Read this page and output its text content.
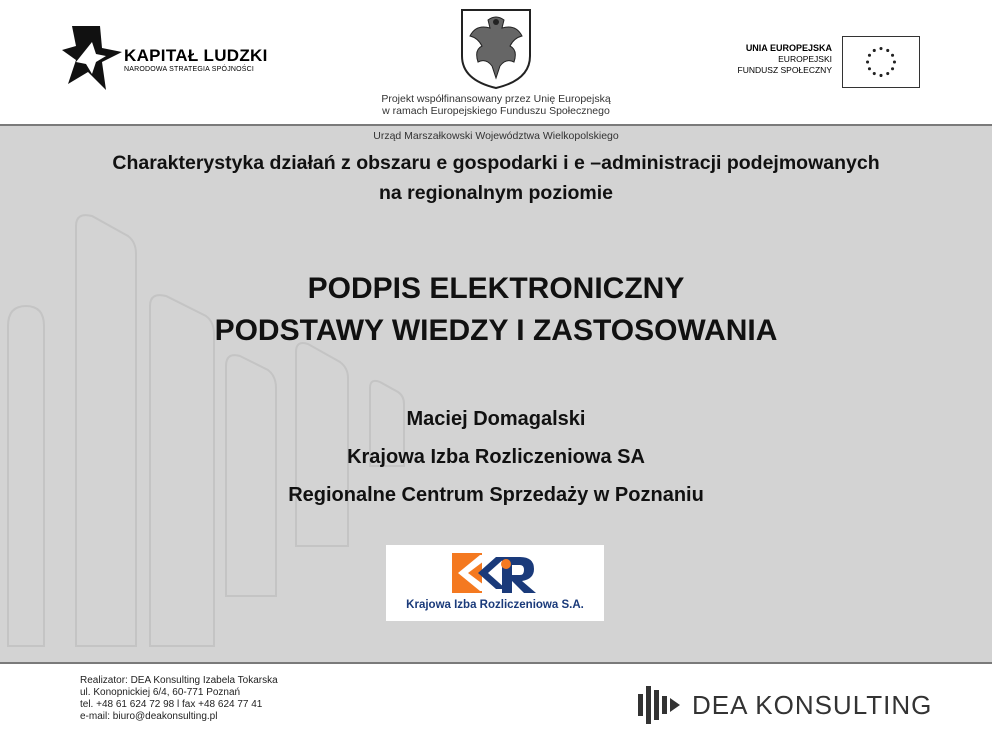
KAPITAŁ LUDZKI
NARODOWA STRATEGIA SPÓJNOŚCI
Projekt współfinansowany przez Unię Europejską
w ramach Europejskiego Funduszu Społecznego
UNIA EUROPEJSKA
EUROPEJSKI
FUNDUSZ SPOŁECZNY
Urząd Marszałkowski Województwa Wielkopolskiego
Charakterystyka działań z obszaru e gospodarki i e –administracji podejmowanych
na regionalnym poziomie
PODPIS ELEKTRONICZNY
PODSTAWY WIEDZY I ZASTOSOWANIA
Maciej Domagalski
Krajowa Izba Rozliczeniowa SA
Regionalne Centrum Sprzedaży w Poznaniu
Krajowa Izba Rozliczeniowa S.A.
Realizator: DEA Konsulting Izabela Tokarska
ul. Konopnickiej 6/4, 60-771 Poznań
tel. +48 61 624 72 98 l fax +48 624 77 41
e-mail: biuro@deakonsulting.pl	DEA KONSULTING
